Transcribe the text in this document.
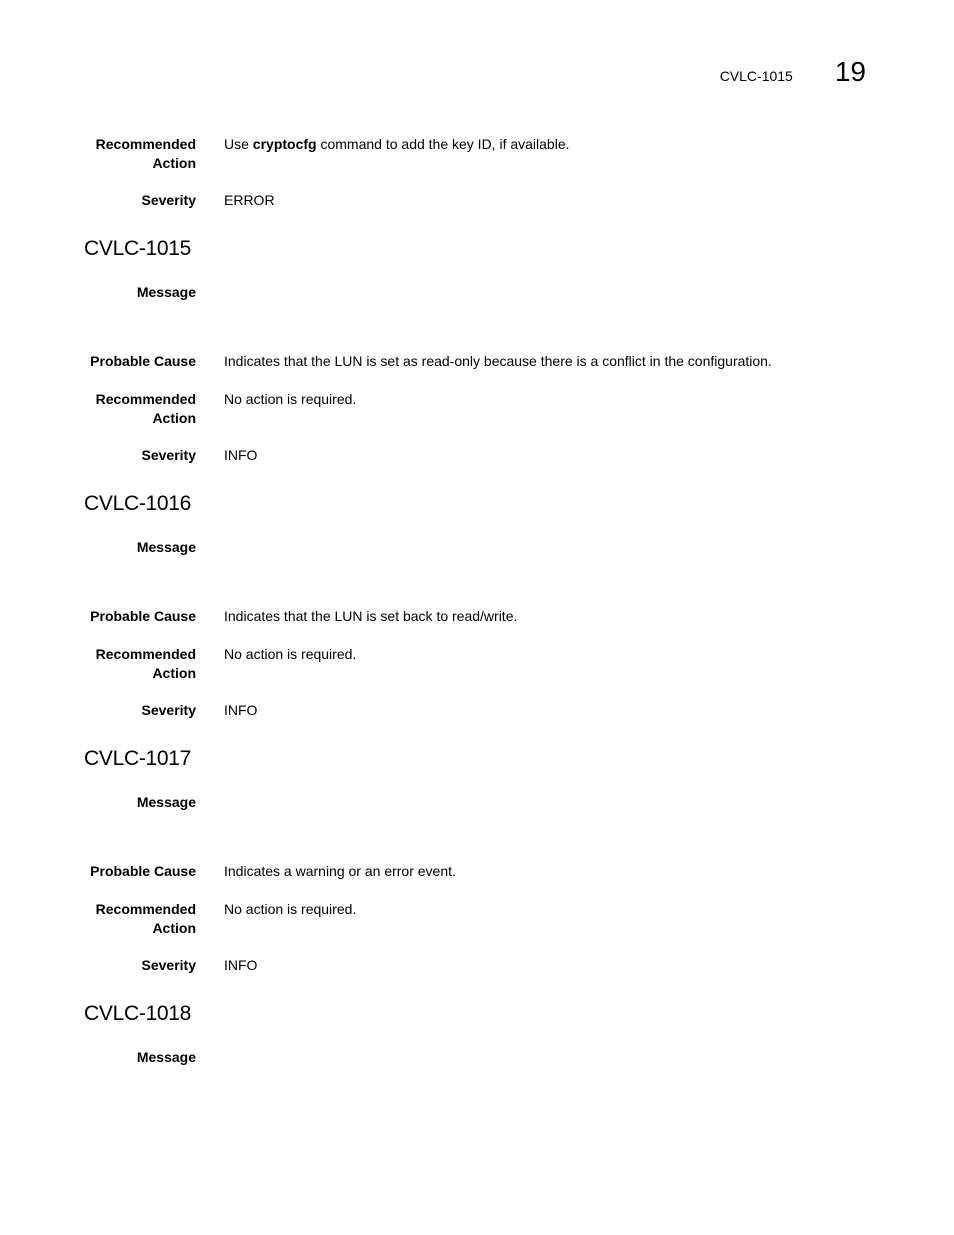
CVLC-1015 19
Recommended
Action
Use cryptocfg command to add the key ID, if available.
Severity ERROR
CVLC-1015
Message
Probable Cause Indicates that the LUN is set as read-only because there is a conflict in the configuration.
Recommended
Action
No action is required.
Severity INFO
CVLC-1016
Message
Probable Cause Indicates that the LUN is set back to read/write.
Recommended
Action
No action is required.
Severity INFO
CVLC-1017
Message
Probable Cause Indicates a warning or an error event.
Recommended
Action
No action is required.
Severity INFO
CVLC-1018
Message
